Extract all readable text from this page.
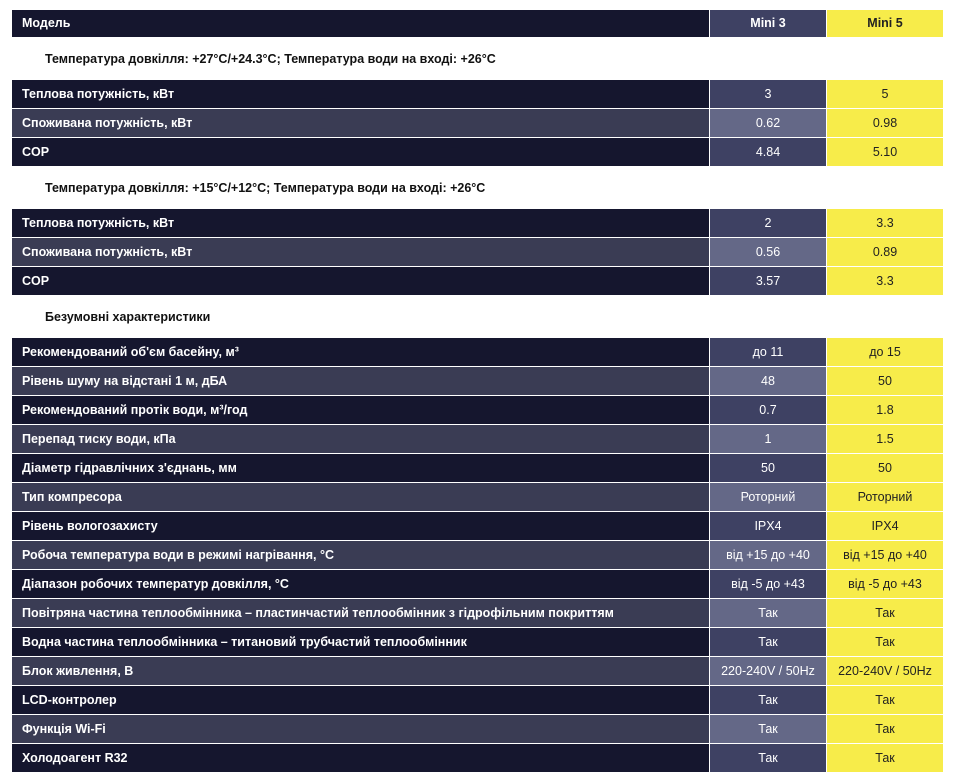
Модель	Mini 3	Mini 5
Температура довкілля: +27°C/+24.3°C; Температура води на вході: +26°C
Теплова потужність, кВт	3	5
Споживана потужність, кВт	0.62	0.98
COP	4.84	5.10
Температура довкілля: +15°C/+12°C; Температура води на вході: +26°C
Теплова потужність, кВт	2	3.3
Споживана потужність, кВт	0.56	0.89
COP	3.57	3.3
Безумовні характеристики
Рекомендований об'єм басейну, м³	до 11	до 15
Рівень шуму на відстані 1 м, дБА	48	50
Рекомендований протік води, м³/год	0.7	1.8
Перепад тиску води, кПа	1	1.5
Діаметр гідравлічних з'єднань, мм	50	50
Тип компресора	Роторний	Роторний
Рівень вологозахисту	IPX4	IPX4
Робоча температура води в режимі нагрівання, °C	від +15 до +40	від +15 до +40
Діапазон робочих температур довкілля, °C	від -5 до +43	від -5 до +43
Повітряна частина теплообмінника – пластинчастий теплообмінник з гідрофільним покриттям	Так	Так
Водна частина теплообмінника – титановий трубчастий теплообмінник	Так	Так
Блок живлення, В	220-240V / 50Hz	220-240V / 50Hz
LCD-контролер	Так	Так
Функція Wi-Fi	Так	Так
Холодоагент R32	Так	Так
